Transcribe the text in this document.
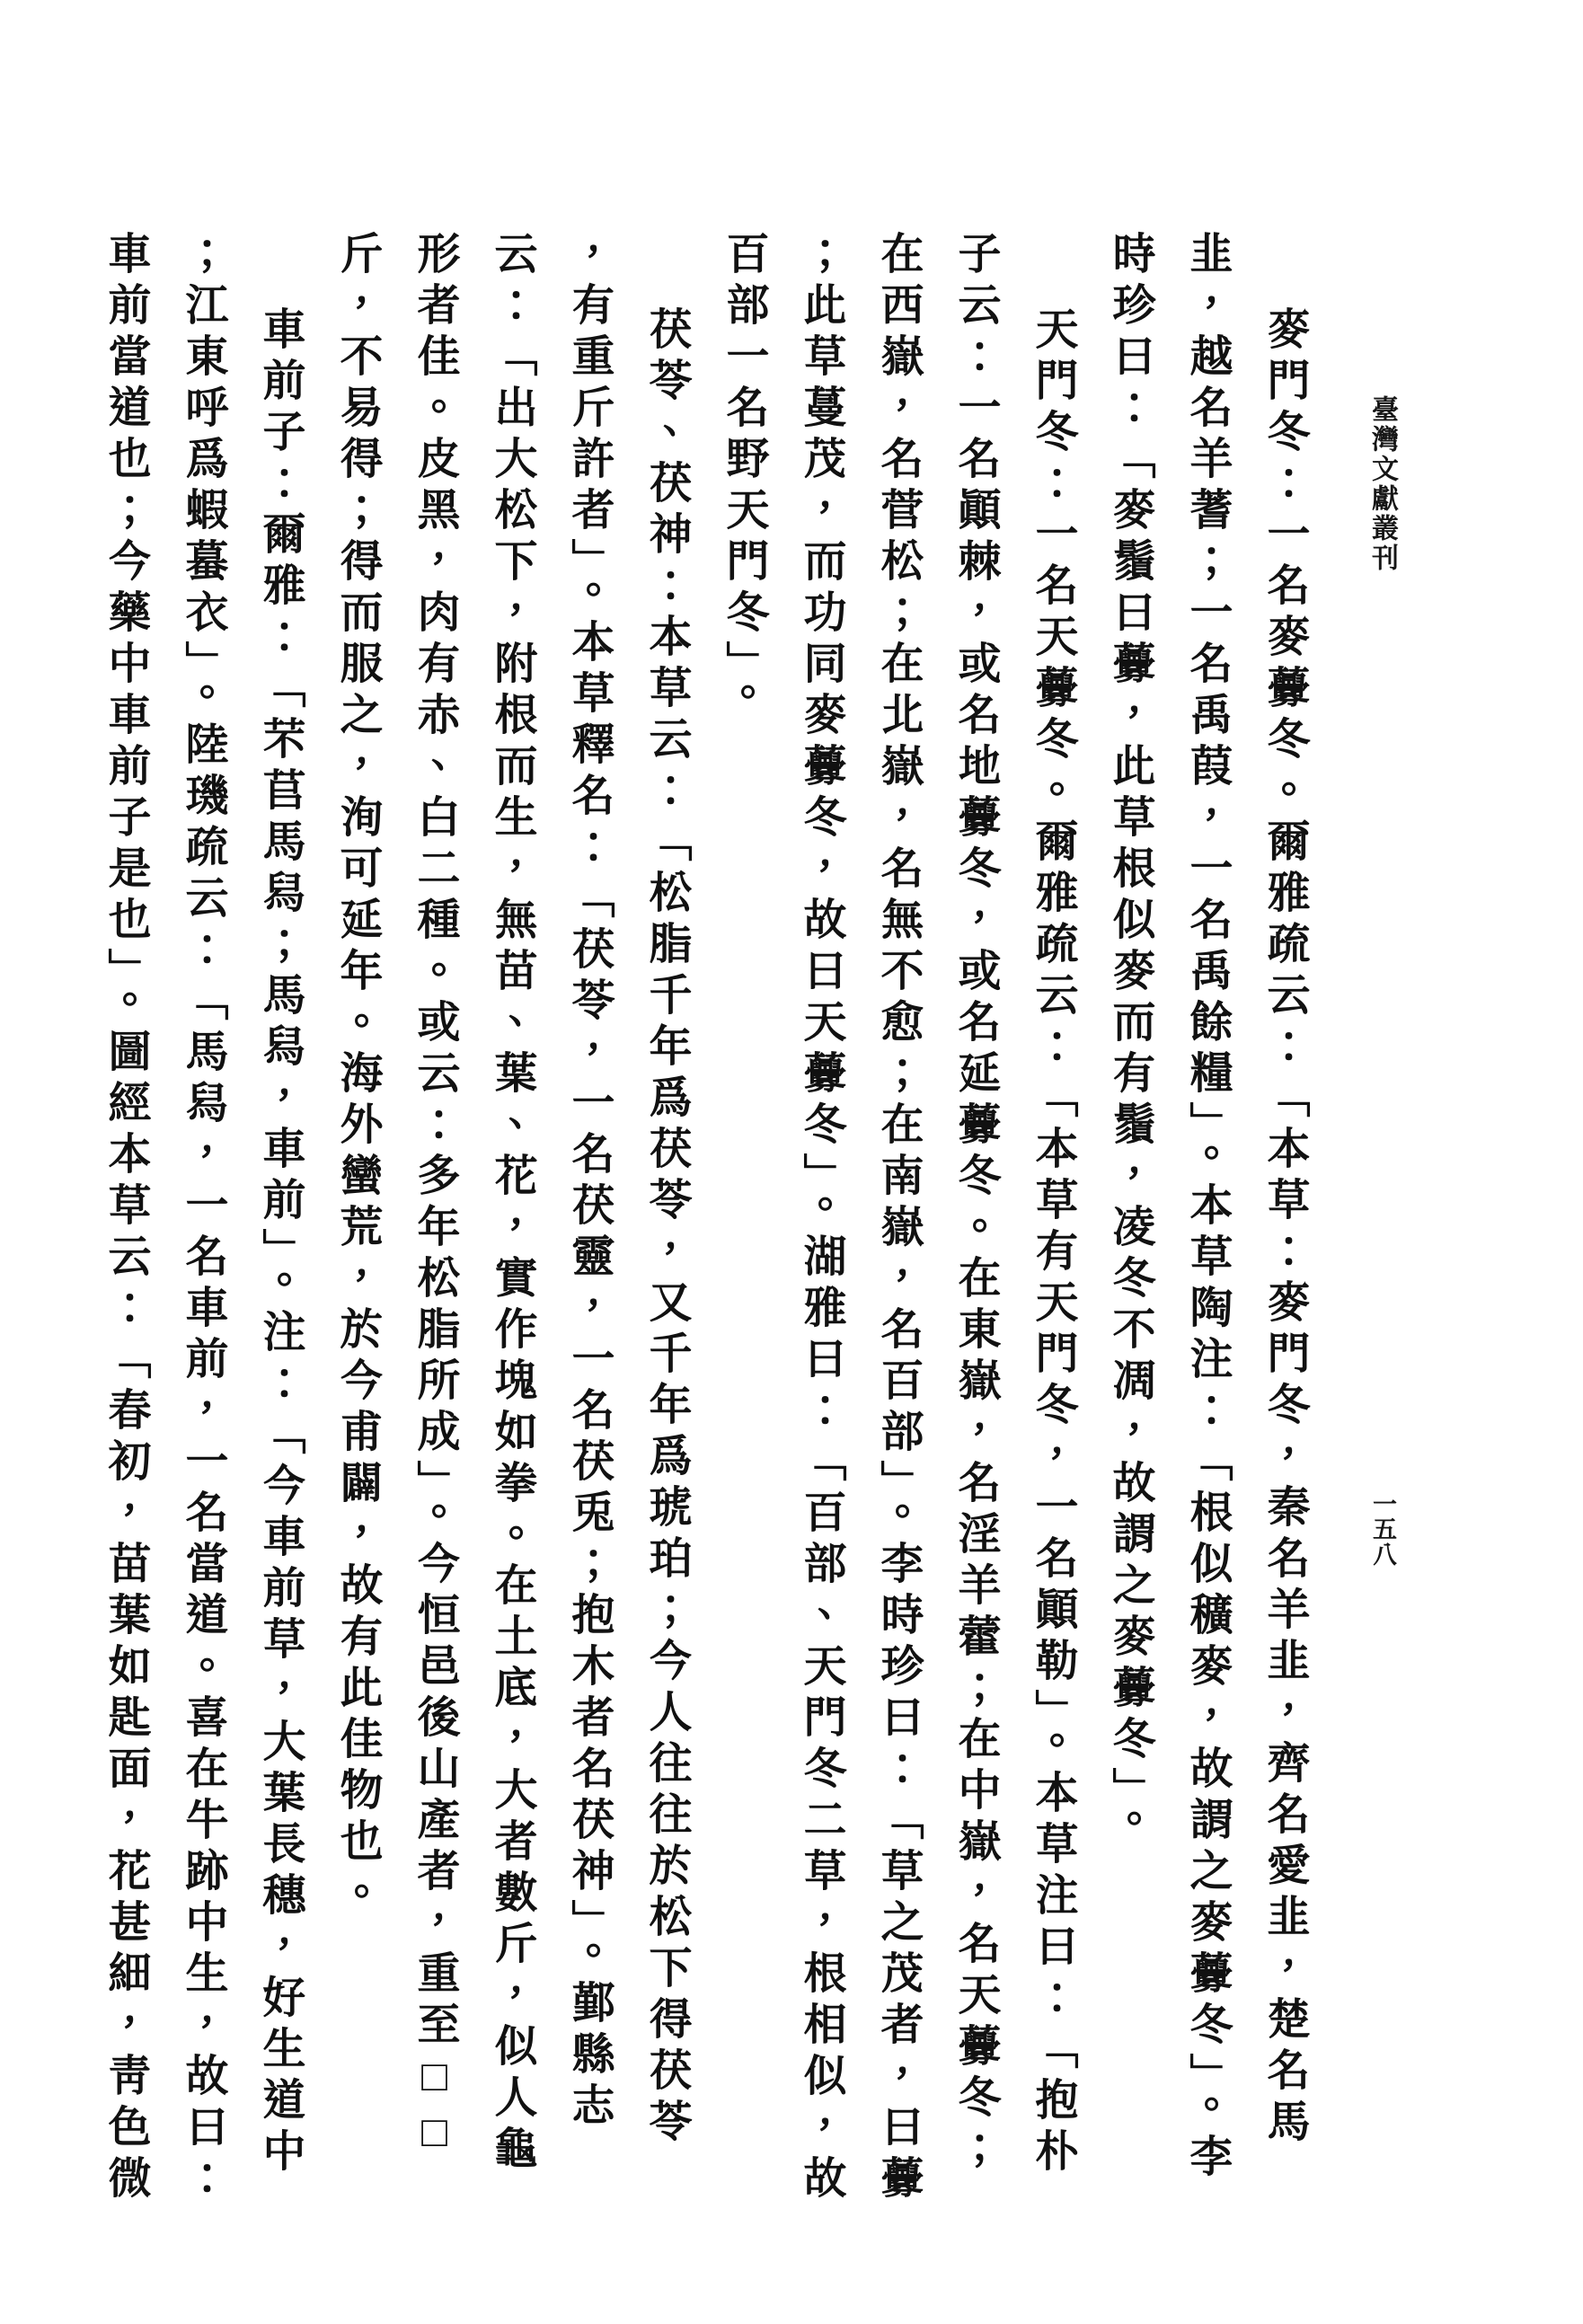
臺灣文獻叢刊
一五八
麥門冬：一名麥虋冬。爾雅疏云：「本草：麥門冬，秦名羊韭，齊名愛韭，楚名馬
韭，越名羊蓍；一名禹葭，一名禹餘糧」。本草陶注：「根似穬麥，故謂之麥虋冬」。李
時珍曰：「麥鬚曰虋，此草根似麥而有鬚，凌冬不凋，故謂之麥虋冬」。
天門冬：一名天虋冬。爾雅疏云：「本草有天門冬，一名顚勒」。本草注曰：「抱朴
子云：一名顚棘，或名地虋冬，或名延虋冬。在東嶽，名淫羊藿；在中嶽，名天虋冬；
在西嶽，名菅松；在北嶽，名無不愈；在南嶽，名百部」。李時珍曰：「草之茂者，曰虋
；此草蔓茂，而功同麥虋冬，故曰天虋冬」。湖雅曰：「百部、天門冬二草，根相似，故
百部一名野天門冬」。
茯苓、茯神：本草云：「松脂千年爲茯苓，又千年爲琥珀；今人往往於松下得茯苓
，有重斤許者」。本草釋名：「茯苓，一名茯靈，一名茯兎；抱木者名茯神」。鄞縣志
云：「出大松下，附根而生，無苗、葉、花，實作塊如拳。在土底，大者數斤，似人龜
形者佳。皮黑，肉有赤、白二種。或云：多年松脂所成」。今恒邑後山產者，重至□□
斤，不易得；得而服之，洵可延年。海外蠻荒，於今甫闢，故有此佳物也。
車前子：爾雅：「芣苢馬舄；馬舄，車前」。注：「今車前草，大葉長穗，好生道中
；江東呼爲蝦蟇衣」。陸璣疏云：「馬舄，一名車前，一名當道。喜在牛跡中生，故曰：
車前當道也；今藥中車前子是也」。圖經本草云：「春初，苗葉如匙面，花甚細，靑色微
